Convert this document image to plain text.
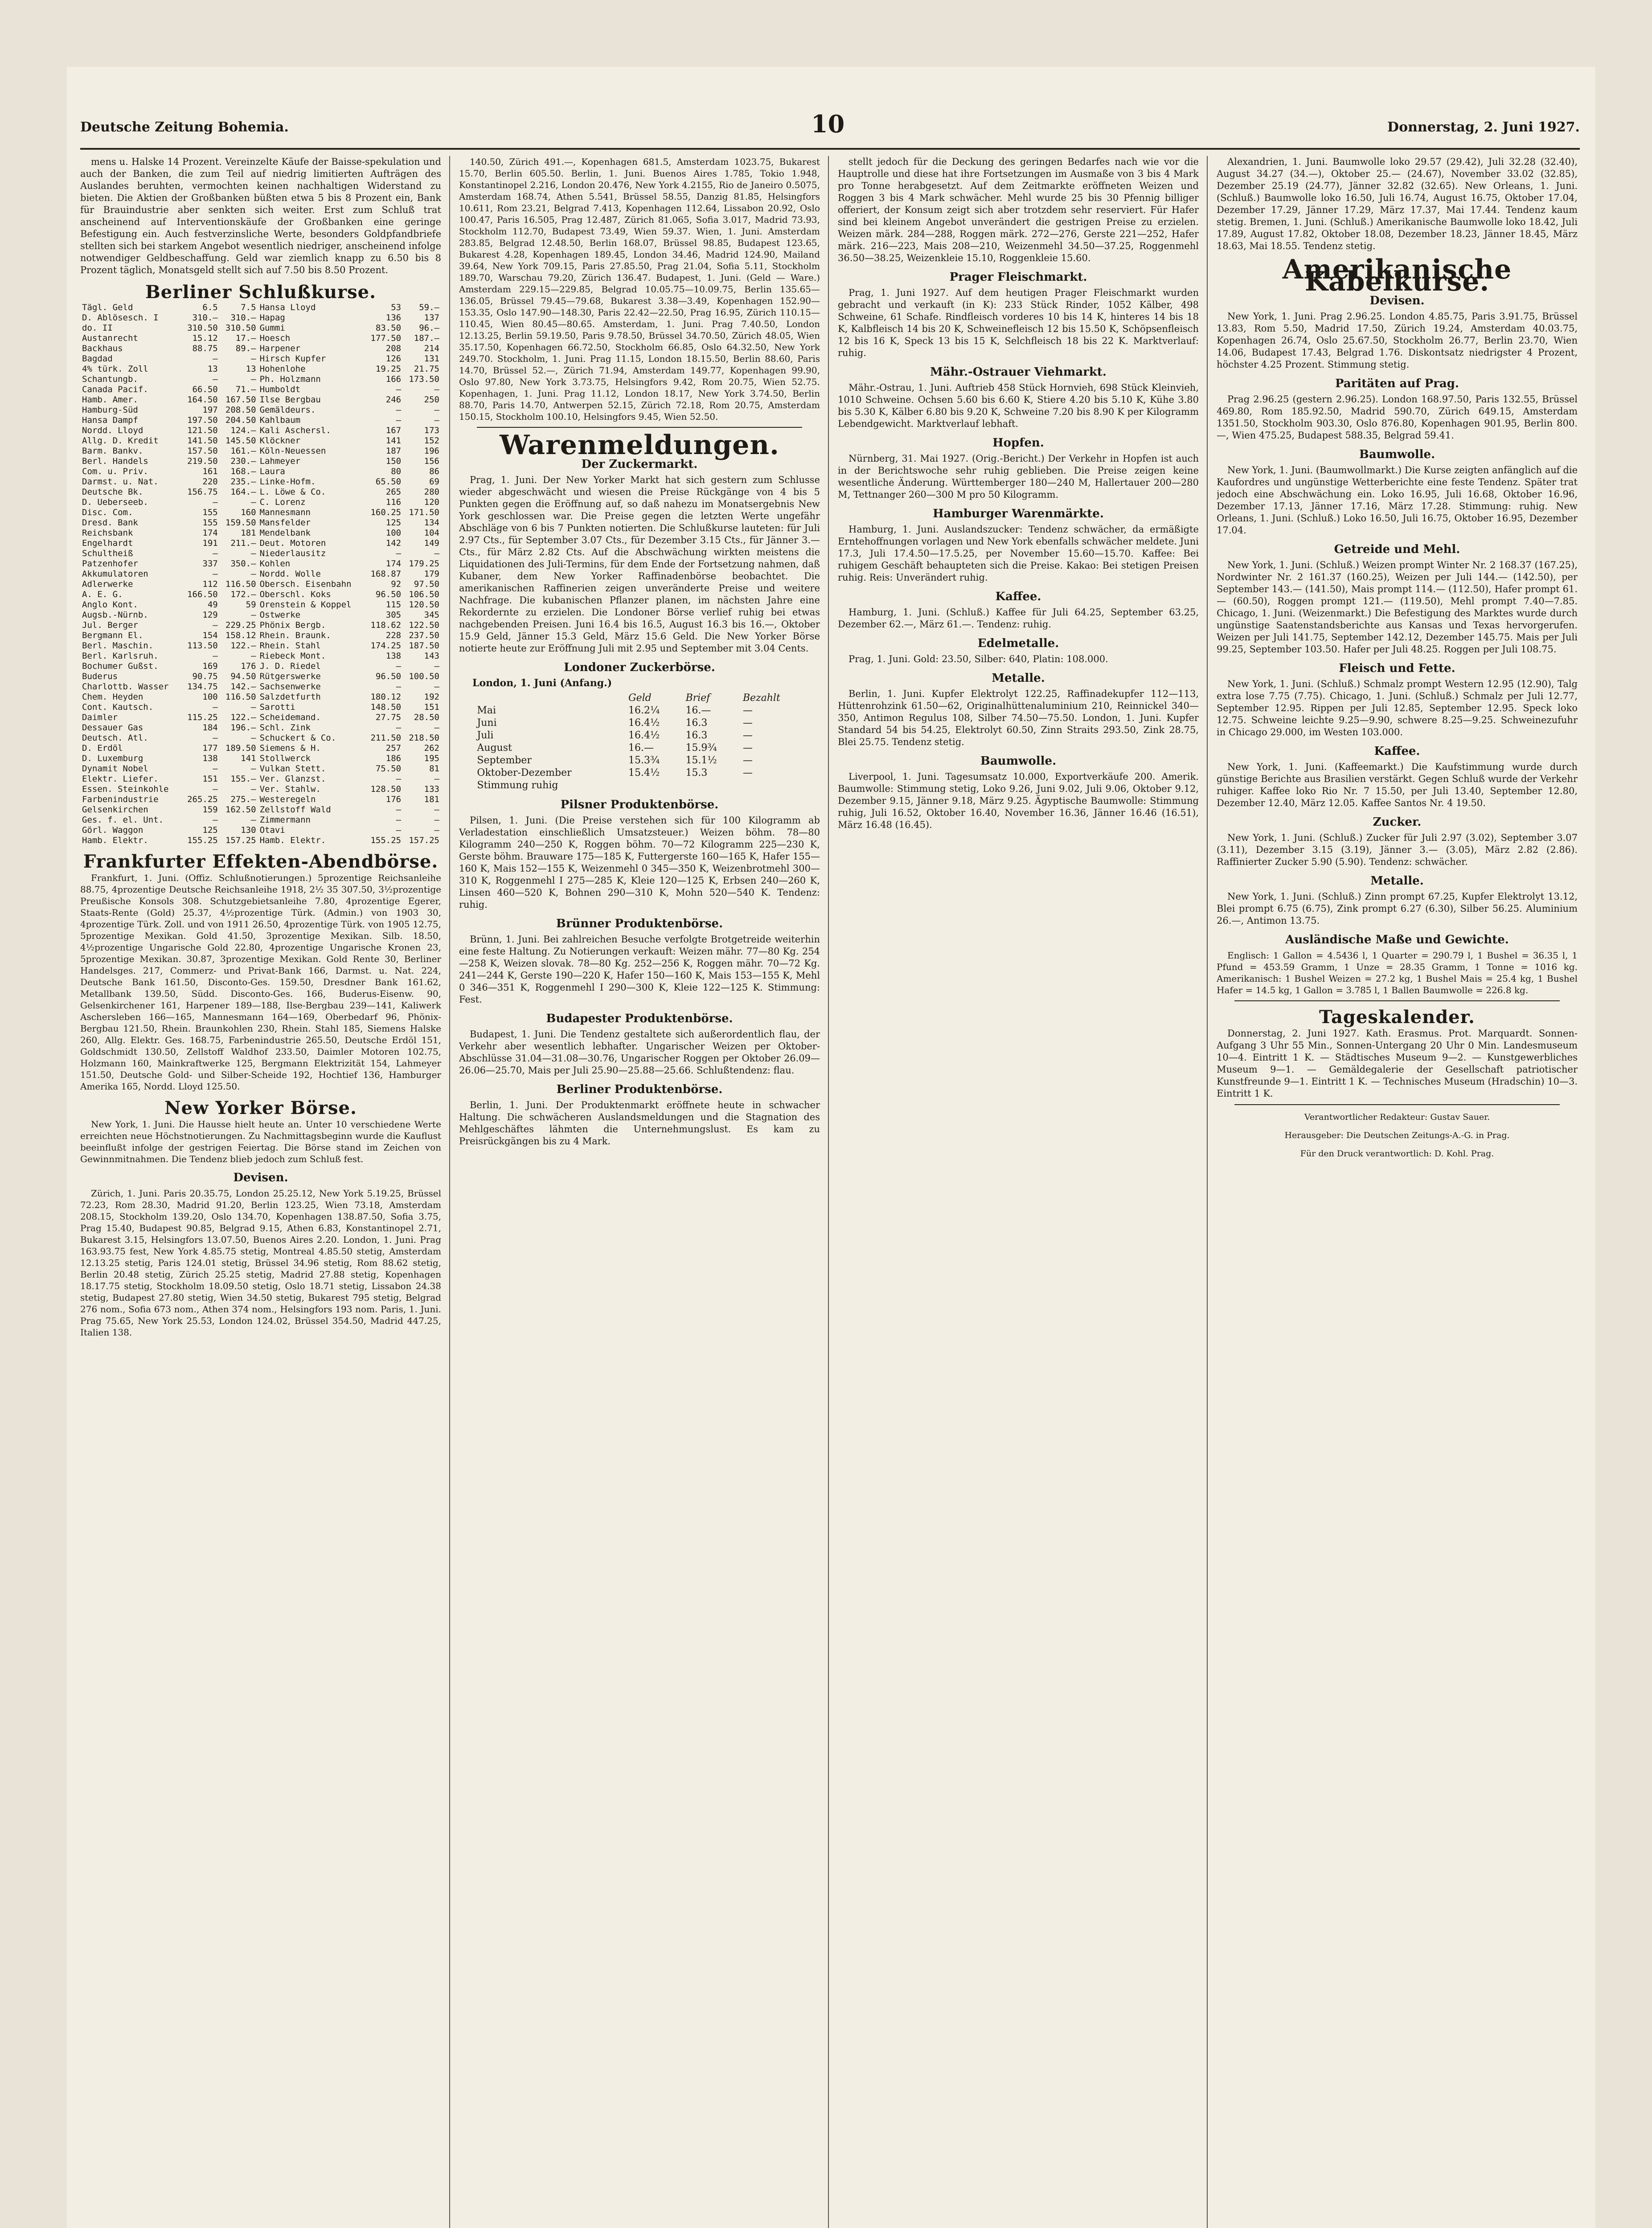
Deutsche Zeitung Bohemia.	10	Donnerstag, 2. Juni 1927.

mens u. Halske 14 Prozent. Vereinzelte Käufe der Baisse-spekulation und auch der Banken, die zum Teil auf niedrig limitierten Aufträgen des Auslandes beruhten, vermochten keinen nachhaltigen Widerstand zu bieten. Die Aktien der Großbanken büßten etwa 5 bis 8 Prozent ein, Bank für Brauindustrie aber senkten sich weiter. Erst zum Schluß trat anscheinend auf Interventionskäufe der Großbanken eine geringe Befestigung ein. Auch festverzinsliche Werte, besonders Goldpfandbriefe stellten sich bei starkem Angebot wesentlich niedriger, anscheinend infolge notwendiger Geldbeschaffung. Geld war ziemlich knapp zu 6.50 bis 8 Prozent täglich, Monatsgeld stellt sich auf 7.50 bis 8.50 Prozent.

Berliner Schlußkurse.
Tägl. Geld	6.5	7.5	Hansa Lloyd	53	59.—
D. Ablösesch. I	310.—	310.—	Hapag	136	137
do. II	310.50	310.50	Gummi	83.50	96.—
Austanrecht	15.12	17.—	Hoesch	177.50	187.—
Backhaus	88.75	89.—	Harpener	208	214
Bagdad	—	—	Hirsch Kupfer	126	131
4% türk. Zoll	13	13	Hohenlohe	19.25	21.75
Schantungb.	—	—	Ph. Holzmann	166	173.50
Canada Pacif.	66.50	71.—	Humboldt	—	—
Hamb. Amer.	164.50	167.50	Ilse Bergbau	246	250
Hamburg-Süd	197	208.50	Gemäldeurs.	—	—
Hansa Dampf	197.50	204.50	Kahlbaum	—	—
Nordd. Lloyd	121.50	124.—	Kali Aschersl.	167	173
Allg. D. Kredit	141.50	145.50	Klöckner	141	152
Barm. Bankv.	157.50	161.—	Köln-Neuessen	187	196
Berl. Handels	219.50	230.—	Lahmeyer	150	156
Com. u. Priv.	161	168.—	Laura	80	86
Darmst. u. Nat.	220	235.—	Linke-Hofm.	65.50	69
Deutsche Bk.	156.75	164.—	L. Löwe & Co.	265	280
D. Ueberseeb.	—	—	C. Lorenz	116	120
Disc. Com.	155	160	Mannesmann	160.25	171.50
Dresd. Bank	155	159.50	Mansfelder	125	134
Reichsbank	174	181	Mendelbank	100	104
Engelhardt	191	211.—	Deut. Motoren	142	149
Schultheiß	—	—	Niederlausitz	—	—
Patzenhofer	337	350.—	Kohlen	174	179.25
Akkumulatoren	—	—	Nordd. Wolle	168.87	179
Adlerwerke	112	116.50	Obersch. Eisenbahn	92	97.50
A. E. G.	166.50	172.—	Oberschl. Koks	96.50	106.50
Anglo Kont.	49	59	Orenstein & Koppel	115	120.50
Augsb.-Nürnb.	129	—	Ostwerke	305	345
Jul. Berger	—	229.25	Phönix Bergb.	118.62	122.50
Bergmann El.	154	158.12	Rhein. Braunk.	228	237.50
Berl. Maschin.	113.50	122.—	Rhein. Stahl	174.25	187.50
Berl. Karlsruh.	—	—	Riebeck Mont.	138	143
Bochumer Gußst.	169	176	J. D. Riedel	—	—
Buderus	90.75	94.50	Rütgerswerke	96.50	100.50
Charlottb. Wasser	134.75	142.—	Sachsenwerke	—	—
Chem. Heyden	100	116.50	Salzdetfurth	180.12	192
Cont. Kautsch.	—	—	Sarotti	148.50	151
Daimler	115.25	122.—	Scheidemand.	27.75	28.50
Dessauer Gas	184	196.—	Schl. Zink	—	—
Deutsch. Atl.	—	—	Schuckert & Co.	211.50	218.50
D. Erdöl	177	189.50	Siemens & H.	257	262
D. Luxemburg	138	141	Stollwerck	186	195
Dynamit Nobel	—	—	Vulkan Stett.	75.50	81
Elektr. Liefer.	151	155.—	Ver. Glanzst.	—	—
Essen. Steinkohle	—	—	Ver. Stahlw.	128.50	133
Farbenindustrie	265.25	275.—	Westeregeln	176	181
Gelsenkirchen	159	162.50	Zellstoff Wald	—	—
Ges. f. el. Unt.	—	—	Zimmermann	—	—
Görl. Waggon	125	130	Otavi	—	—
Hamb. Elektr.	155.25	157.25	Hamb. Elektr.	155.25	157.25
Frankfurter Effekten-Abendbörse.

Frankfurt, 1. Juni. (Offiz. Schlußnotierungen.) 5prozentige Reichsanleihe 88.75, 4prozentige Deutsche Reichsanleihe 1918, 2½ 35 307.50, 3½prozentige Preußische Konsols 308. Schutzgebietsanleihe 7.80, 4prozentige Egerer, Staats-Rente (Gold) 25.37, 4½prozentige Türk. (Admin.) von 1903 30, 4prozentige Türk. Zoll. und von 1911 26.50, 4prozentige Türk. von 1905 12.75, 5prozentige Mexikan. Gold 41.50, 3prozentige Mexikan. Silb. 18.50, 4½prozentige Ungarische Gold 22.80, 4prozentige Ungarische Kronen 23, 5prozentige Mexikan. 30.87, 3prozentige Mexikan. Gold Rente 30, Berliner Handelsges. 217, Commerz- und Privat-Bank 166, Darmst. u. Nat. 224, Deutsche Bank 161.50, Disconto-Ges. 159.50, Dresdner Bank 161.62, Metallbank 139.50, Südd. Disconto-Ges. 166, Buderus-Eisenw. 90, Gelsenkirchener 161, Harpener 189—188, Ilse-Bergbau 239—141, Kaliwerk Aschersleben 166—165, Mannesmann 164—169, Oberbedarf 96, Phönix-Bergbau 121.50, Rhein. Braunkohlen 230, Rhein. Stahl 185, Siemens Halske 260, Allg. Elektr. Ges. 168.75, Farbenindustrie 265.50, Deutsche Erdöl 151, Goldschmidt 130.50, Zellstoff Waldhof 233.50, Daimler Motoren 102.75, Holzmann 160, Mainkraftwerke 125, Bergmann Elektrizität 154, Lahmeyer 151.50, Deutsche Gold- und Silber-Scheide 192, Hochtief 136, Hamburger Amerika 165, Nordd. Lloyd 125.50.

New Yorker Börse.

New York, 1. Juni. Die Hausse hielt heute an. Unter 10 verschiedene Werte erreichten neue Höchstnotierungen. Zu Nachmittagsbeginn wurde die Kauflust beeinflußt infolge der gestrigen Feiertag. Die Börse stand im Zeichen von Gewinnmitnahmen. Die Tendenz blieb jedoch zum Schluß fest.

Devisen.

Zürich, 1. Juni. Paris 20.35.75, London 25.25.12, New York 5.19.25, Brüssel 72.23, Rom 28.30, Madrid 91.20, Berlin 123.25, Wien 73.18, Amsterdam 208.15, Stockholm 139.20, Oslo 134.70, Kopenhagen 138.87.50, Sofia 3.75, Prag 15.40, Budapest 90.85, Belgrad 9.15, Athen 6.83, Konstantinopel 2.71, Bukarest 3.15, Helsingfors 13.07.50, Buenos Aires 2.20. London, 1. Juni. Prag 163.93.75 fest, New York 4.85.75 stetig, Montreal 4.85.50 stetig, Amsterdam 12.13.25 stetig, Paris 124.01 stetig, Brüssel 34.96 stetig, Rom 88.62 stetig, Berlin 20.48 stetig, Zürich 25.25 stetig, Madrid 27.88 stetig, Kopenhagen 18.17.75 stetig, Stockholm 18.09.50 stetig, Oslo 18.71 stetig, Lissabon 24.38 stetig, Budapest 27.80 stetig, Wien 34.50 stetig, Bukarest 795 stetig, Belgrad 276 nom., Sofia 673 nom., Athen 374 nom., Helsingfors 193 nom. Paris, 1. Juni. Prag 75.65, New York 25.53, London 124.02, Brüssel 354.50, Madrid 447.25, Italien 138.

140.50, Zürich 491.—, Kopenhagen 681.5, Amsterdam 1023.75, Bukarest 15.70, Berlin 605.50. Berlin, 1. Juni. Buenos Aires 1.785, Tokio 1.948, Konstantinopel 2.216, London 20.476, New York 4.2155, Rio de Janeiro 0.5075, Amsterdam 168.74, Athen 5.541, Brüssel 58.55, Danzig 81.85, Helsingfors 10.611, Rom 23.21, Belgrad 7.413, Kopenhagen 112.64, Lissabon 20.92, Oslo 100.47, Paris 16.505, Prag 12.487, Zürich 81.065, Sofia 3.017, Madrid 73.93, Stockholm 112.70, Budapest 73.49, Wien 59.37. Wien, 1. Juni. Amsterdam 283.85, Belgrad 12.48.50, Berlin 168.07, Brüssel 98.85, Budapest 123.65, Bukarest 4.28, Kopenhagen 189.45, London 34.46, Madrid 124.90, Mailand 39.64, New York 709.15, Paris 27.85.50, Prag 21.04, Sofia 5.11, Stockholm 189.70, Warschau 79.20, Zürich 136.47. Budapest, 1. Juni. (Geld — Ware.) Amsterdam 229.15—229.85, Belgrad 10.05.75—10.09.75, Berlin 135.65—136.05, Brüssel 79.45—79.68, Bukarest 3.38—3.49, Kopenhagen 152.90—153.35, Oslo 147.90—148.30, Paris 22.42—22.50, Prag 16.95, Zürich 110.15—110.45, Wien 80.45—80.65. Amsterdam, 1. Juni. Prag 7.40.50, London 12.13.25, Berlin 59.19.50, Paris 9.78.50, Brüssel 34.70.50, Zürich 48.05, Wien 35.17.50, Kopenhagen 66.72.50, Stockholm 66.85, Oslo 64.32.50, New York 249.70. Stockholm, 1. Juni. Prag 11.15, London 18.15.50, Berlin 88.60, Paris 14.70, Brüssel 52.—, Zürich 71.94, Amsterdam 149.77, Kopenhagen 99.90, Oslo 97.80, New York 3.73.75, Helsingfors 9.42, Rom 20.75, Wien 52.75. Kopenhagen, 1. Juni. Prag 11.12, London 18.17, New York 3.74.50, Berlin 88.70, Paris 14.70, Antwerpen 52.15, Zürich 72.18, Rom 20.75, Amsterdam 150.15, Stockholm 100.10, Helsingfors 9.45, Wien 52.50.

Warenmeldungen.
Der Zuckermarkt.

Prag, 1. Juni. Der New Yorker Markt hat sich gestern zum Schlusse wieder abgeschwächt und wiesen die Preise Rückgänge von 4 bis 5 Punkten gegen die Eröffnung auf, so daß nahezu im Monatsergebnis New York geschlossen war. Die Preise gegen die letzten Werte ungefähr Abschläge von 6 bis 7 Punkten notierten. Die Schlußkurse lauteten: für Juli 2.97 Cts., für September 3.07 Cts., für Dezember 3.15 Cts., für Jänner 3.— Cts., für März 2.82 Cts. Auf die Abschwächung wirkten meistens die Liquidationen des Juli-Termins, für dem Ende der Fortsetzung nahmen, daß Kubaner, dem New Yorker Raffinadenbörse beobachtet. Die amerikanischen Raffinerien zeigen unveränderte Preise und weitere Nachfrage. Die kubanischen Pflanzer planen, im nächsten Jahre eine Rekordernte zu erzielen. Die Londoner Börse verlief ruhig bei etwas nachgebenden Preisen. Juni 16.4 bis 16.5, August 16.3 bis 16.—, Oktober 15.9 Geld, Jänner 15.3 Geld, März 15.6 Geld. Die New Yorker Börse notierte heute zur Eröffnung Juli mit 2.95 und September mit 3.04 Cents.

Londoner Zuckerbörse.
London, 1. Juni (Anfang.)
	Geld	Brief	Bezahlt
Mai	16.2¼	16.—	—
Juni	16.4½	16.3	—
Juli	16.4½	16.3	—
August	16.—	15.9¾	—
September	15.3¾	15.1½	—
Oktober-Dezember	15.4½	15.3	—
Stimmung ruhig			
Pilsner Produktenbörse.

Pilsen, 1. Juni. (Die Preise verstehen sich für 100 Kilogramm ab Verladestation einschließlich Umsatzsteuer.) Weizen böhm. 78—80 Kilogramm 240—250 K, Roggen böhm. 70—72 Kilogramm 225—230 K, Gerste böhm. Brauware 175—185 K, Futtergerste 160—165 K, Hafer 155—160 K, Mais 152—155 K, Weizenmehl 0 345—350 K, Weizenbrotmehl 300—310 K, Roggenmehl I 275—285 K, Kleie 120—125 K, Erbsen 240—260 K, Linsen 460—520 K, Bohnen 290—310 K, Mohn 520—540 K. Tendenz: ruhig.

Brünner Produktenbörse.

Brünn, 1. Juni. Bei zahlreichen Besuche verfolgte Brotgetreide weiterhin eine feste Haltung. Zu Notierungen verkauft: Weizen mähr. 77—80 Kg. 254—258 K, Weizen slovak. 78—80 Kg. 252—256 K, Roggen mähr. 70—72 Kg. 241—244 K, Gerste 190—220 K, Hafer 150—160 K, Mais 153—155 K, Mehl 0 346—351 K, Roggenmehl I 290—300 K, Kleie 122—125 K. Stimmung: Fest.

Budapester Produktenbörse.

Budapest, 1. Juni. Die Tendenz gestaltete sich außerordentlich flau, der Verkehr aber wesentlich lebhafter. Ungarischer Weizen per Oktober-Abschlüsse 31.04—31.08—30.76, Ungarischer Roggen per Oktober 26.09—26.06—25.70, Mais per Juli 25.90—25.88—25.66. Schlußtendenz: flau.

Berliner Produktenbörse.

Berlin, 1. Juni. Der Produktenmarkt eröffnete heute in schwacher Haltung. Die schwächeren Auslandsmeldungen und die Stagnation des Mehlgeschäftes lähmten die Unternehmungslust. Es kam zu Preisrückgängen bis zu 4 Mark.

stellt jedoch für die Deckung des geringen Bedarfes nach wie vor die Hauptrolle und diese hat ihre Fortsetzungen im Ausmaße von 3 bis 4 Mark pro Tonne herabgesetzt. Auf dem Zeitmarkte eröffneten Weizen und Roggen 3 bis 4 Mark schwächer. Mehl wurde 25 bis 30 Pfennig billiger offeriert, der Konsum zeigt sich aber trotzdem sehr reserviert. Für Hafer sind bei kleinem Angebot unverändert die gestrigen Preise zu erzielen. Weizen märk. 284—288, Roggen märk. 272—276, Gerste 221—252, Hafer märk. 216—223, Mais 208—210, Weizenmehl 34.50—37.25, Roggenmehl 36.50—38.25, Weizenkleie 15.10, Roggenkleie 15.60.

Prager Fleischmarkt.

Prag, 1. Juni 1927. Auf dem heutigen Prager Fleischmarkt wurden gebracht und verkauft (in K): 233 Stück Rinder, 1052 Kälber, 498 Schweine, 61 Schafe. Rindfleisch vorderes 10 bis 14 K, hinteres 14 bis 18 K, Kalbfleisch 14 bis 20 K, Schweinefleisch 12 bis 15.50 K, Schöpsenfleisch 12 bis 16 K, Speck 13 bis 15 K, Selchfleisch 18 bis 22 K. Marktverlauf: ruhig.

Mähr.-Ostrauer Viehmarkt.

Mähr.-Ostrau, 1. Juni. Auftrieb 458 Stück Hornvieh, 698 Stück Kleinvieh, 1010 Schweine. Ochsen 5.60 bis 6.60 K, Stiere 4.20 bis 5.10 K, Kühe 3.80 bis 5.30 K, Kälber 6.80 bis 9.20 K, Schweine 7.20 bis 8.90 K per Kilogramm Lebendgewicht. Marktverlauf lebhaft.

Hopfen.

Nürnberg, 31. Mai 1927. (Orig.-Bericht.) Der Verkehr in Hopfen ist auch in der Berichtswoche sehr ruhig geblieben. Die Preise zeigen keine wesentliche Änderung. Württemberger 180—240 M, Hallertauer 200—280 M, Tettnanger 260—300 M pro 50 Kilogramm.

Hamburger Warenmärkte.

Hamburg, 1. Juni. Auslandszucker: Tendenz schwächer, da ermäßigte Erntehoffnungen vorlagen und New York ebenfalls schwächer meldete. Juni 17.3, Juli 17.4.50—17.5.25, per November 15.60—15.70. Kaffee: Bei ruhigem Geschäft behaupteten sich die Preise. Kakao: Bei stetigen Preisen ruhig. Reis: Unverändert ruhig.

Kaffee.

Hamburg, 1. Juni. (Schluß.) Kaffee für Juli 64.25, September 63.25, Dezember 62.—, März 61.—. Tendenz: ruhig.

Edelmetalle.

Prag, 1. Juni. Gold: 23.50, Silber: 640, Platin: 108.000.

Metalle.

Berlin, 1. Juni. Kupfer Elektrolyt 122.25, Raffinadekupfer 112—113, Hüttenrohzink 61.50—62, Originalhüttenaluminium 210, Reinnickel 340—350, Antimon Regulus 108, Silber 74.50—75.50. London, 1. Juni. Kupfer Standard 54 bis 54.25, Elektrolyt 60.50, Zinn Straits 293.50, Zink 28.75, Blei 25.75. Tendenz stetig.

Baumwolle.

Liverpool, 1. Juni. Tagesumsatz 10.000, Exportverkäufe 200. Amerik. Baumwolle: Stimmung stetig, Loko 9.26, Juni 9.02, Juli 9.06, Oktober 9.12, Dezember 9.15, Jänner 9.18, März 9.25. Ägyptische Baumwolle: Stimmung ruhig, Juli 16.52, Oktober 16.40, November 16.36, Jänner 16.46 (16.51), März 16.48 (16.45).

Alexandrien, 1. Juni. Baumwolle loko 29.57 (29.42), Juli 32.28 (32.40), August 34.27 (34.—), Oktober 25.— (24.67), November 33.02 (32.85), Dezember 25.19 (24.77), Jänner 32.82 (32.65). New Orleans, 1. Juni. (Schluß.) Baumwolle loko 16.50, Juli 16.74, August 16.75, Oktober 17.04, Dezember 17.29, Jänner 17.29, März 17.37, Mai 17.44. Tendenz kaum stetig. Bremen, 1. Juni. (Schluß.) Amerikanische Baumwolle loko 18.42, Juli 17.89, August 17.82, Oktober 18.08, Dezember 18.23, Jänner 18.45, März 18.63, Mai 18.55. Tendenz stetig.

Amerikanische Kabelkurse.
Devisen.

New York, 1. Juni. Prag 2.96.25. London 4.85.75, Paris 3.91.75, Brüssel 13.83, Rom 5.50, Madrid 17.50, Zürich 19.24, Amsterdam 40.03.75, Kopenhagen 26.74, Oslo 25.67.50, Stockholm 26.77, Berlin 23.70, Wien 14.06, Budapest 17.43, Belgrad 1.76. Diskontsatz niedrigster 4 Prozent, höchster 4.25 Prozent. Stimmung stetig.

Paritäten auf Prag.

Prag 2.96.25 (gestern 2.96.25). London 168.97.50, Paris 132.55, Brüssel 469.80, Rom 185.92.50, Madrid 590.70, Zürich 649.15, Amsterdam 1351.50, Stockholm 903.30, Oslo 876.80, Kopenhagen 901.95, Berlin 800.—, Wien 475.25, Budapest 588.35, Belgrad 59.41.

Baumwolle.

New York, 1. Juni. (Baumwollmarkt.) Die Kurse zeigten anfänglich auf die Kaufordres und ungünstige Wetterberichte eine feste Tendenz. Später trat jedoch eine Abschwächung ein. Loko 16.95, Juli 16.68, Oktober 16.96, Dezember 17.13, Jänner 17.16, März 17.28. Stimmung: ruhig. New Orleans, 1. Juni. (Schluß.) Loko 16.50, Juli 16.75, Oktober 16.95, Dezember 17.04.

Getreide und Mehl.

New York, 1. Juni. (Schluß.) Weizen prompt Winter Nr. 2 168.37 (167.25), Nordwinter Nr. 2 161.37 (160.25), Weizen per Juli 144.— (142.50), per September 143.— (141.50), Mais prompt 114.— (112.50), Hafer prompt 61.— (60.50), Roggen prompt 121.— (119.50), Mehl prompt 7.40—7.85. Chicago, 1. Juni. (Weizenmarkt.) Die Befestigung des Marktes wurde durch ungünstige Saatenstandsberichte aus Kansas und Texas hervorgerufen. Weizen per Juli 141.75, September 142.12, Dezember 145.75. Mais per Juli 99.25, September 103.50. Hafer per Juli 48.25. Roggen per Juli 108.75.

Fleisch und Fette.

New York, 1. Juni. (Schluß.) Schmalz prompt Western 12.95 (12.90), Talg extra lose 7.75 (7.75). Chicago, 1. Juni. (Schluß.) Schmalz per Juli 12.77, September 12.95. Rippen per Juli 12.85, September 12.95. Speck loko 12.75. Schweine leichte 9.25—9.90, schwere 8.25—9.25. Schweinezufuhr in Chicago 29.000, im Westen 103.000.

Kaffee.

New York, 1. Juni. (Kaffeemarkt.) Die Kaufstimmung wurde durch günstige Berichte aus Brasilien verstärkt. Gegen Schluß wurde der Verkehr ruhiger. Kaffee loko Rio Nr. 7 15.50, per Juli 13.40, September 12.80, Dezember 12.40, März 12.05. Kaffee Santos Nr. 4 19.50.

Zucker.

New York, 1. Juni. (Schluß.) Zucker für Juli 2.97 (3.02), September 3.07 (3.11), Dezember 3.15 (3.19), Jänner 3.— (3.05), März 2.82 (2.86). Raffinierter Zucker 5.90 (5.90). Tendenz: schwächer.

Metalle.

New York, 1. Juni. (Schluß.) Zinn prompt 67.25, Kupfer Elektrolyt 13.12, Blei prompt 6.75 (6.75), Zink prompt 6.27 (6.30), Silber 56.25. Aluminium 26.—, Antimon 13.75.

Ausländische Maße und Gewichte.

Englisch: 1 Gallon = 4.5436 l, 1 Quarter = 290.79 l, 1 Bushel = 36.35 l, 1 Pfund = 453.59 Gramm, 1 Unze = 28.35 Gramm, 1 Tonne = 1016 kg. Amerikanisch: 1 Bushel Weizen = 27.2 kg, 1 Bushel Mais = 25.4 kg, 1 Bushel Hafer = 14.5 kg, 1 Gallon = 3.785 l, 1 Ballen Baumwolle = 226.8 kg.

Tageskalender.

Donnerstag, 2. Juni 1927. Kath. Erasmus. Prot. Marquardt. Sonnen-Aufgang 3 Uhr 55 Min., Sonnen-Untergang 20 Uhr 0 Min. Landesmuseum 10—4. Eintritt 1 K. — Städtisches Museum 9—2. — Kunstgewerbliches Museum 9—1. — Gemäldegalerie der Gesellschaft patriotischer Kunstfreunde 9—1. Eintritt 1 K. — Technisches Museum (Hradschin) 10—3. Eintritt 1 K.

Verantwortlicher Redakteur: Gustav Sauer.
Herausgeber: Die Deutschen Zeitungs-A.-G. in Prag.
Für den Druck verantwortlich: D. Kohl. Prag.
